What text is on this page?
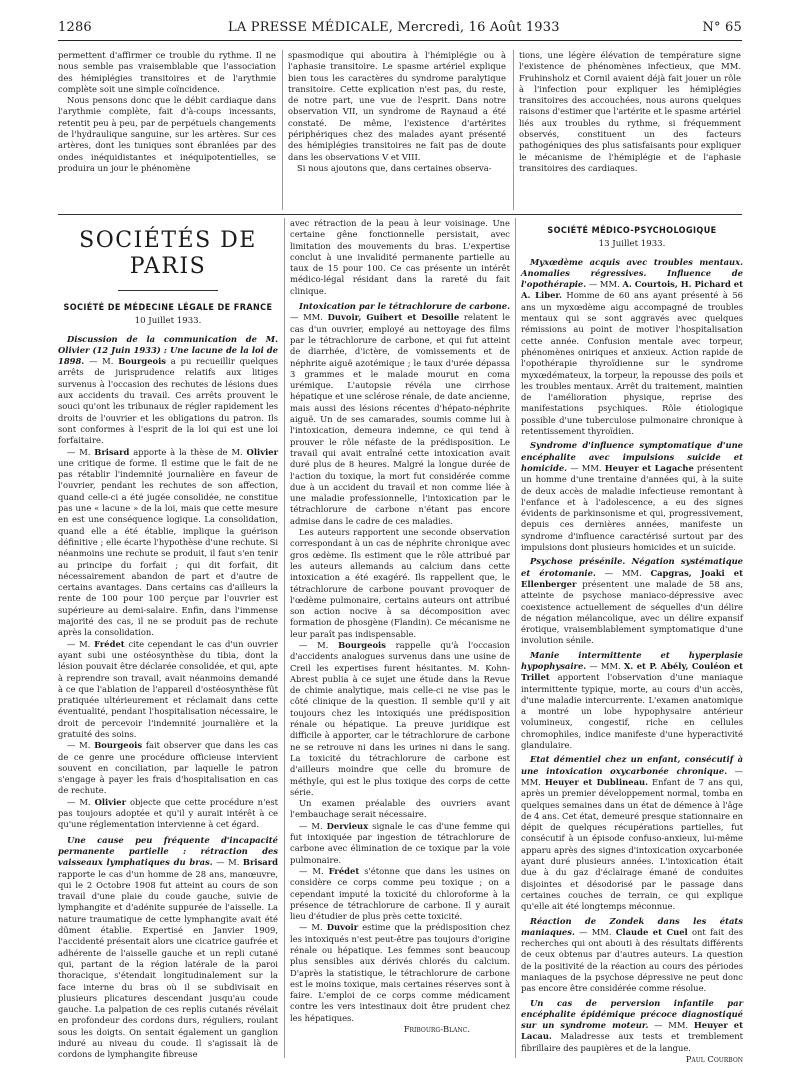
1286	LA PRESSE MÉDICALE, Mercredi, 16 Août 1933	N° 65

permettent d'affirmer ce trouble du rythme. Il ne nous semble pas vraisemblable que l'association des hémiplégies transitoires et de l'arythmie complète soit une simple coïncidence.

Nous pensons donc que le débit cardiaque dans l'arythmie complète, fait d'à-coups incessants, retentit peu à peu, par de perpétuels changements de l'hydraulique sanguine, sur les artères. Sur ces artères, dont les tuniques sont ébranlées par des ondes inéquidistantes et inéquipotentielles, se produira un jour le phénomène

spasmodique qui aboutira à l'hémiplégie ou à l'aphasie transitoire. Le spasme artériel explique bien tous les caractères du syndrome paralytique transitoire. Cette explication n'est pas, du reste, de notre part, une vue de l'esprit. Dans notre observation VII, un syndrome de Raynaud a été constaté. De même, l'existence d'artérites périphériques chez des malades ayant présenté des hémiplégies transitoires ne fait pas de doute dans les observations V et VIII.

Si nous ajoutons que, dans certaines observa-

tions, une légère élévation de température signe l'existence de phénomènes infectieux, que MM. Fruhinsholz et Cornil avaient déjà fait jouer un rôle à l'infection pour expliquer les hémiplégies transitoires des accouchées, nous aurons quelques raisons d'estimer que l'artérite et le spasme artériel liés aux troubles du rythme, si fréquemment observés, constituent un des facteurs pathogéniques des plus satisfaisants pour expliquer le mécanisme de l'hémiplégie et de l'aphasie transitoires des cardiaques.

SOCIÉTÉS DE PARIS
SOCIÉTÉ DE MÉDECINE LÉGALE DE FRANCE
10 Juillet 1933.

Discussion de la communication de M. Olivier (12 Juin 1933) : Une lacune de la loi de 1898. — M. Bourgeois a pu recueillir quelques arrêts de jurisprudence relatifs aux litiges survenus à l'occasion des rechutes de lésions dues aux accidents du travail. Ces arrêts prouvent le souci qu'ont les tribunaux de régler rapidement les droits de l'ouvrier et les obligations du patron. Ils sont conformes à l'esprit de la loi qui est une loi forfaitaire.

— M. Brisard apporte à la thèse de M. Olivier une critique de forme. Il estime que le fait de ne pas rétablir l'indemnité journalière en faveur de l'ouvrier, pendant les rechutes de son affection, quand celle-ci a été jugée consolidée, ne constitue pas une « lacune » de la loi, mais que cette mesure en est une conséquence logique. La consolidation, quand elle a été établie, implique la guérison définitive ; elle écarte l'hypothèse d'une rechute. Si néanmoins une rechute se produit, il faut s'en tenir au principe du forfait ; qui dit forfait, dit nécessairement abandon de part et d'autre de certains avantages. Dans certains cas d'ailleurs la rente de 100 pour 100 perçue par l'ouvrier est supérieure au demi-salaire. Enfin, dans l'immense majorité des cas, il ne se produit pas de rechute après la consolidation.

— M. Frédet cite cependant le cas d'un ouvrier ayant subi une ostéosynthèse du tibia, dont la lésion pouvait être déclarée consolidée, et qui, apte à reprendre son travail, avait néanmoins demandé à ce que l'ablation de l'appareil d'ostéosynthèse fût pratiquée ultérieurement et réclamait dans cette éventualité, pendant l'hospitalisation nécessaire, le droit de percevoir l'indemnité journalière et la gratuité des soins.

— M. Bourgeois fait observer que dans les cas de ce genre une procédure officieuse intervient souvent en conciliation, par laquelle le patron s'engage à payer les frais d'hospitalisation en cas de rechute.

— M. Olivier objecte que cette procédure n'est pas toujours adoptée et qu'il y aurait intérêt à ce qu'une réglementation intervienne à cet égard.

Une cause peu fréquente d'incapacité permanente partielle : rétraction des vaisseaux lymphatiques du bras. — M. Brisard rapporte le cas d'un homme de 28 ans, manœuvre, qui le 2 Octobre 1908 fut atteint au cours de son travail d'une plaie du coude gauche, suivie de lymphangite et d'adénite suppurée de l'aisselle. La nature traumatique de cette lymphangite avait été dûment établie. Expertisé en Janvier 1909, l'accidenté présentait alors une cicatrice gaufrée et adhérente de l'aisselle gauche et un repli cutané qui, partant de la région latérale de la paroi thoracique, s'étendait longitudinalement sur la face interne du bras où il se subdivisait en plusieurs plicatures descendant jusqu'au coude gauche. La palpation de ces replis cutanés révélait en profondeur des cordons durs, réguliers, roulant sous les doigts. On sentait également un ganglion induré au niveau du coude. Il s'agissait là de cordons de lymphangite fibreuse

avec rétraction de la peau à leur voisinage. Une certaine gêne fonctionnelle persistait, avec limitation des mouvements du bras. L'expertise conclut à une invalidité permanente partielle au taux de 15 pour 100. Ce cas présente un intérêt médico-légal résidant dans la rareté du fait clinique.

Intoxication par le tétrachlorure de carbone. — MM. Duvoir, Guibert et Desoille relatent le cas d'un ouvrier, employé au nettoyage des films par le tétrachlorure de carbone, et qui fut atteint de diarrhée, d'ictère, de vomissements et de néphrite aiguë azotémique ; le taux d'urée dépassa 3 grammes et le malade mourut en coma urémique. L'autopsie révéla une cirrhose hépatique et une sclérose rénale, de date ancienne, mais aussi des lésions récentes d'hépato-néphrite aiguë. Un de ses camarades, soumis comme lui à l'intoxication, demeura indemne, ce qui tend à prouver le rôle néfaste de la prédisposition. Le travail qui avait entraîné cette intoxication avait duré plus de 8 heures. Malgré la longue durée de l'action du toxique, la mort fut considérée comme due à un accident du travail et non comme liée à une maladie professionnelle, l'intoxication par le tétrachlorure de carbone n'étant pas encore admise dans le cadre de ces maladies.

Les auteurs rapportent une seconde observation correspondant à un cas de néphrite chronique avec gros œdème. Ils estiment que le rôle attribué par les auteurs allemands au calcium dans cette intoxication a été exagéré. Ils rappellent que, le tétrachlorure de carbone pouvant provoquer de l'œdème pulmonaire, certains auteurs ont attribué son action nocive à sa décomposition avec formation de phosgène (Flandin). Ce mécanisme ne leur paraît pas indispensable.

— M. Bourgeois rappelle qu'à l'occasion d'accidents analogues survenus dans une usine de Creil les expertises furent hésitantes. M. Kohn-Abrest publia à ce sujet une étude dans la Revue de chimie analytique, mais celle-ci ne vise pas le côté clinique de la question. Il semble qu'il y ait toujours chez les intoxiqués une prédisposition rénale ou hépatique. La preuve juridique est difficile à apporter, car le tétrachlorure de carbone ne se retrouve ni dans les urines ni dans le sang. La toxicité du tétrachlorure de carbone est d'ailleurs moindre que celle du bromure de méthyle, qui est le plus toxique des corps de cette série.

Un examen préalable des ouvriers avant l'embauchage serait nécessaire.

— M. Dervieux signale le cas d'une femme qui fut intoxiquée par ingestion de tétrachlorure de carbone avec élimination de ce toxique par la voie pulmonaire.

— M. Frédet s'étonne que dans les usines on considère ce corps comme peu toxique ; on a cependant imputé la toxicité du chloroforme à la présence de tétrachlorure de carbone. Il y aurait lieu d'étudier de plus près cette toxicité.

— M. Duvoir estime que la prédisposition chez les intoxiqués n'est peut-être pas toujours d'origine rénale ou hépatique. Les femmes sont beaucoup plus sensibles aux dérivés chlorés du calcium. D'après la statistique, le tétrachlorure de carbone est le moins toxique, mais certaines réserves sont à faire. L'emploi de ce corps comme médicament contre les vers intestinaux doit être prudent chez les hépatiques.

Fribourg-Blanc.

SOCIÉTÉ MÉDICO-PSYCHOLOGIQUE
13 Juillet 1933.

Myxœdème acquis avec troubles mentaux. Anomalies régressives. Influence de l'opothérapie. — MM. A. Courtois, H. Pichard et A. Liber. Homme de 60 ans ayant présenté à 56 ans un myxœdème aigu accompagné de troubles mentaux qui se sont aggravés avec quelques rémissions au point de motiver l'hospitalisation cette année. Confusion mentale avec torpeur, phénomènes oniriques et anxieux. Action rapide de l'opothérapie thyroïdienne sur le syndrome myxœdémateux, la torpeur, la repousse des poils et les troubles mentaux. Arrêt du traitement, maintien de l'amélioration physique, reprise des manifestations psychiques. Rôle étiologique possible d'une tuberculose pulmonaire chronique à retentissement thyroïdien.

Syndrome d'influence symptomatique d'une encéphalite avec impulsions suicide et homicide. — MM. Heuyer et Lagache présentent un homme d'une trentaine d'années qui, à la suite de deux accès de maladie infectieuse remontant à l'enfance et à l'adolescence, a eu des signes évidents de parkinsonisme et qui, progressivement, depuis ces dernières années, manifeste un syndrome d'influence caractérisé surtout par des impulsions dont plusieurs homicides et un suicide.

Psychose présénile. Négation systématique et érotomanie. — MM. Capgras, Joaki et Ellenberger présentent une malade de 58 ans, atteinte de psychose maniaco-dépressive avec coexistence actuellement de séquelles d'un délire de négation mélancolique, avec un délire expansif érotique, vraisemblablement symptomatique d'une involution sénile.

Manie intermittente et hyperplasie hypophysaire. — MM. X. et P. Abély, Couléon et Trillet apportent l'observation d'une maniaque intermittente typique, morte, au cours d'un accès, d'une maladie intercurrente. L'examen anatomique a montré un lobe hypophysaire antérieur volumineux, congestif, riche en cellules chromophiles, indice manifeste d'une hyperactivité glandulaire.

Etat démentiel chez un enfant, consécutif à une intoxication oxycarbonée chronique. — MM. Heuyer et Dublineau. Enfant de 7 ans qui, après un premier développement normal, tomba en quelques semaines dans un état de démence à l'âge de 4 ans. Cet état, demeuré presque stationnaire en dépit de quelques récupérations partielles, fut consécutif à un épisode confuso-anxieux, lui-même apparu après des signes d'intoxication oxycarbonée ayant duré plusieurs années. L'intoxication était due à du gaz d'éclairage émané de conduites disjointes et désodorisé par le passage dans certaines couches de terrain, ce qui explique qu'elle ait été longtemps méconnue.

Réaction de Zondek dans les états maniaques. — MM. Claude et Cuel ont fait des recherches qui ont abouti à des résultats différents de ceux obtenus par d'autres auteurs. La question de la positivité de la réaction au cours des périodes maniaques de la psychose dépressive ne peut donc pas encore être considérée comme résolue.

Un cas de perversion infantile par encéphalite épidémique précoce diagnostiqué sur un syndrome moteur. — MM. Heuyer et Lacau. Maladresse aux tests et tremblement fibrillaire des paupières et de la langue.

Paul Courbon
